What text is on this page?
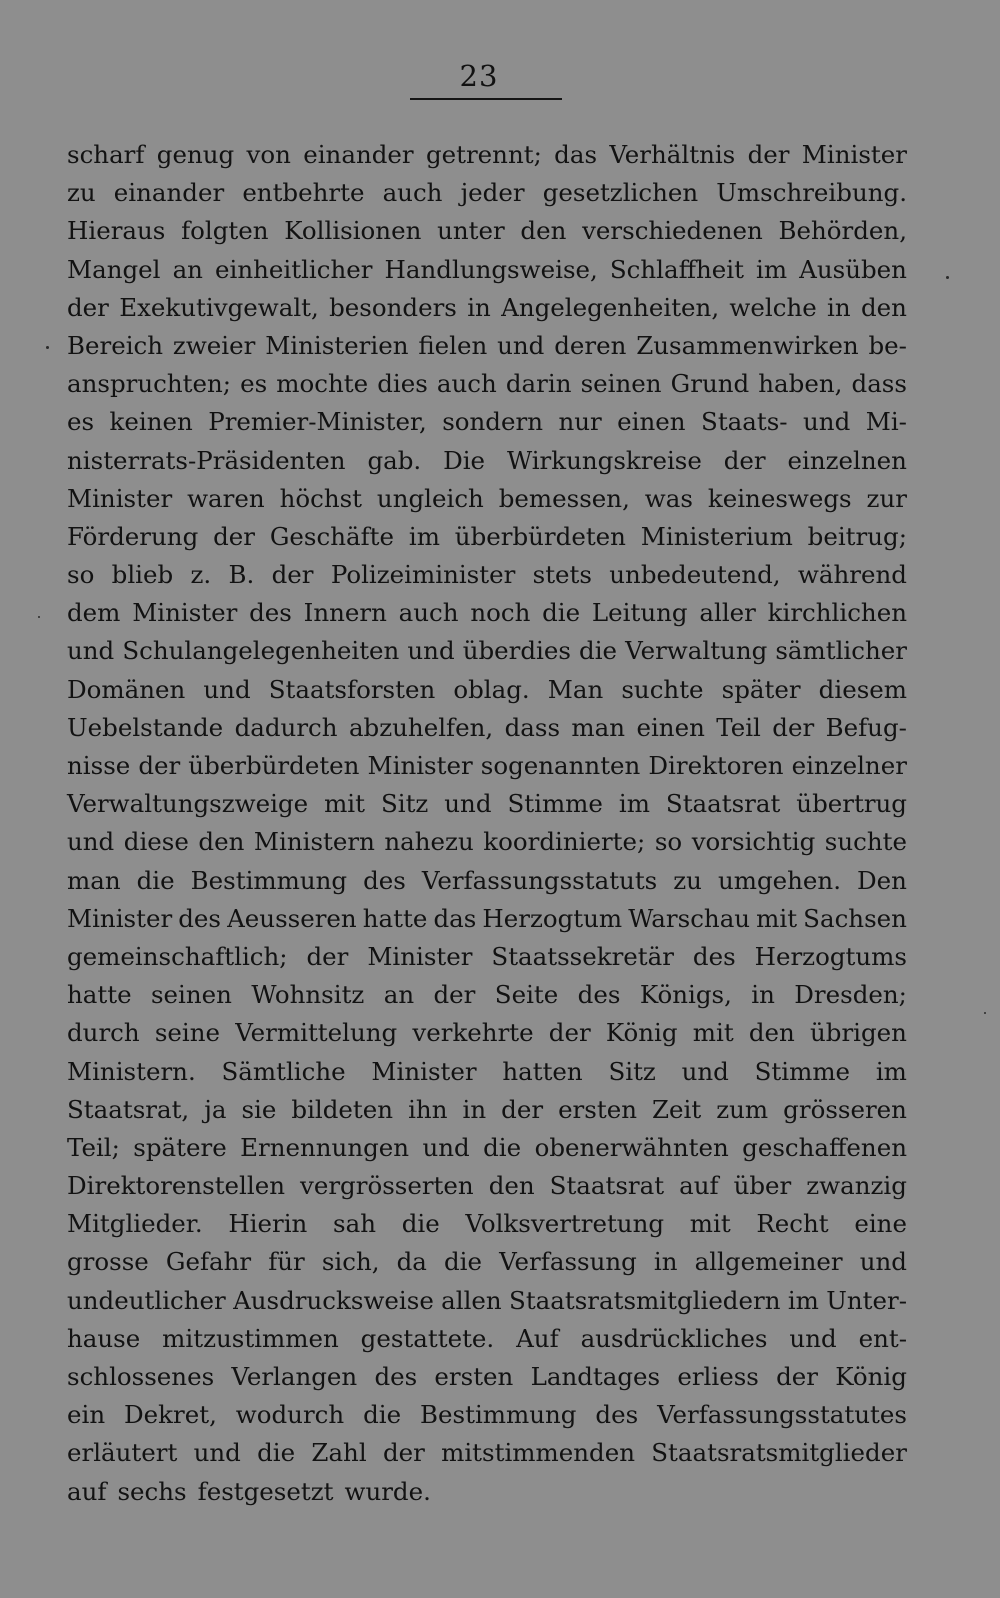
23
scharf genug von einander getrennt; das Verhältnis der Minister
zu einander entbehrte auch jeder gesetzlichen Umschreibung.
Hieraus folgten Kollisionen unter den verschiedenen Behörden,
Mangel an einheitlicher Handlungsweise, Schlaffheit im Ausüben
der Exekutivgewalt, besonders in Angelegenheiten, welche in den
Bereich zweier Ministerien fielen und deren Zusammenwirken be-
anspruchten; es mochte dies auch darin seinen Grund haben, dass
es keinen Premier-Minister, sondern nur einen Staats- und Mi-
nisterrats-Präsidenten gab. Die Wirkungskreise der einzelnen
Minister waren höchst ungleich bemessen, was keineswegs zur
Förderung der Geschäfte im überbürdeten Ministerium beitrug;
so blieb z. B. der Polizeiminister stets unbedeutend, während
dem Minister des Innern auch noch die Leitung aller kirchlichen
und Schulangelegenheiten und überdies die Verwaltung sämtlicher
Domänen und Staatsforsten oblag. Man suchte später diesem
Uebelstande dadurch abzuhelfen, dass man einen Teil der Befug-
nisse der überbürdeten Minister sogenannten Direktoren einzelner
Verwaltungszweige mit Sitz und Stimme im Staatsrat übertrug
und diese den Ministern nahezu koordinierte; so vorsichtig suchte
man die Bestimmung des Verfassungsstatuts zu umgehen. Den
Minister des Aeusseren hatte das Herzogtum Warschau mit Sachsen
gemeinschaftlich; der Minister Staatssekretär des Herzogtums
hatte seinen Wohnsitz an der Seite des Königs, in Dresden;
durch seine Vermittelung verkehrte der König mit den übrigen
Ministern. Sämtliche Minister hatten Sitz und Stimme im
Staatsrat, ja sie bildeten ihn in der ersten Zeit zum grösseren
Teil; spätere Ernennungen und die obenerwähnten geschaffenen
Direktorenstellen vergrösserten den Staatsrat auf über zwanzig
Mitglieder. Hierin sah die Volksvertretung mit Recht eine
grosse Gefahr für sich, da die Verfassung in allgemeiner und
undeutlicher Ausdrucksweise allen Staatsratsmitgliedern im Unter-
hause mitzustimmen gestattete. Auf ausdrückliches und ent-
schlossenes Verlangen des ersten Landtages erliess der König
ein Dekret, wodurch die Bestimmung des Verfassungsstatutes
erläutert und die Zahl der mitstimmenden Staatsratsmitglieder
auf sechs festgesetzt wurde.
